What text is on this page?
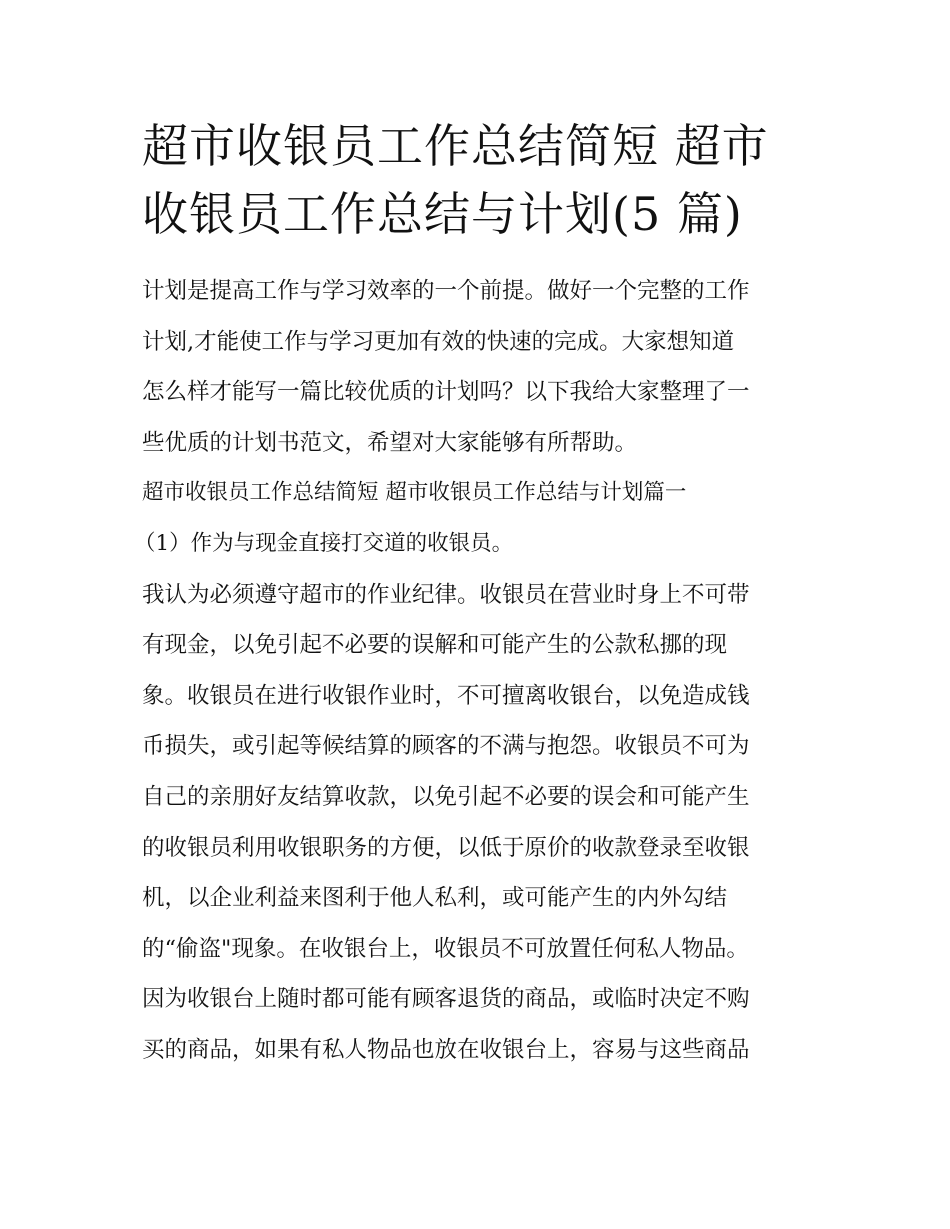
超市收银员工作总结简短 超市
收银员工作总结与计划(5 篇)
计划是提高工作与学习效率的一个前提。做好一个完整的工作
计划,才能使工作与学习更加有效的快速的完成。大家想知道
怎么样才能写一篇比较优质的计划吗？以下我给大家整理了一
些优质的计划书范文，希望对大家能够有所帮助。
超市收银员工作总结简短 超市收银员工作总结与计划篇一
（1）作为与现金直接打交道的收银员。
我认为必须遵守超市的作业纪律。收银员在营业时身上不可带
有现金，以免引起不必要的误解和可能产生的公款私挪的现
象。收银员在进行收银作业时，不可擅离收银台，以免造成钱
币损失，或引起等候结算的顾客的不满与抱怨。收银员不可为
自己的亲朋好友结算收款，以免引起不必要的误会和可能产生
的收银员利用收银职务的方便，以低于原价的收款登录至收银
机，以企业利益来图利于他人私利，或可能产生的内外勾结
的“偷盗"现象。在收银台上，收银员不可放置任何私人物品。
因为收银台上随时都可能有顾客退货的商品，或临时决定不购
买的商品，如果有私人物品也放在收银台上，容易与这些商品
